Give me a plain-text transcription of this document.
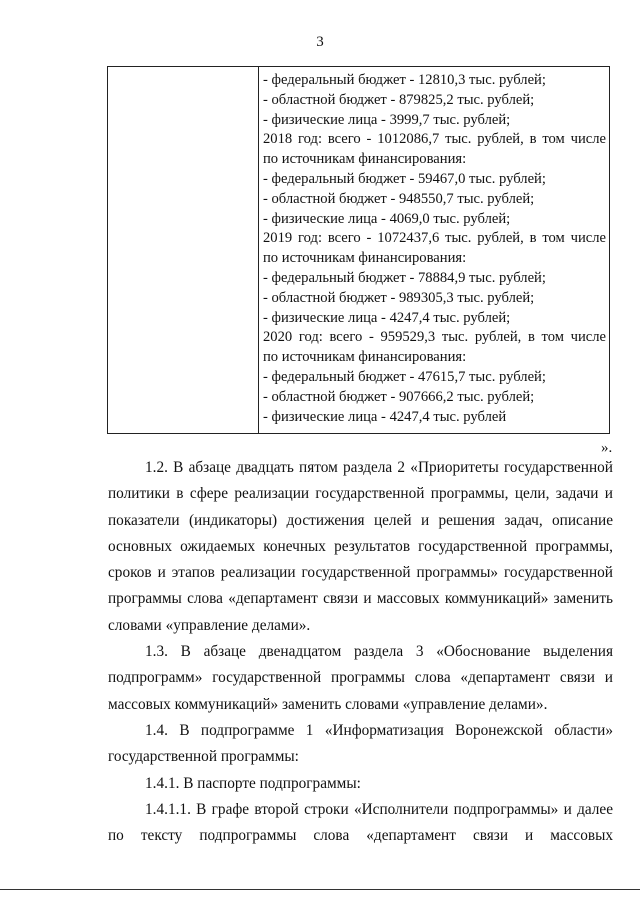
3

- федеральный бюджет - 12810,3 тыс. рублей;
- областной бюджет - 879825,2 тыс. рублей;
- физические лица - 3999,7 тыс. рублей;
2018 год: всего - 1012086,7 тыс. рублей, в том числе
по источникам финансирования:
- федеральный бюджет - 59467,0 тыс. рублей;
- областной бюджет - 948550,7 тыс. рублей;
- физические лица - 4069,0 тыс. рублей;
2019 год: всего - 1072437,6 тыс. рублей, в том числе
по источникам финансирования:
- федеральный бюджет - 78884,9 тыс. рублей;
- областной бюджет - 989305,3 тыс. рублей;
- физические лица - 4247,4 тыс. рублей;
2020 год: всего - 959529,3 тыс. рублей, в том числе
по источникам финансирования:
- федеральный бюджет - 47615,7 тыс. рублей;
- областной бюджет - 907666,2 тыс. рублей;
- физические лица - 4247,4 тыс. рублей
».

1.2. В абзаце двадцать пятом раздела 2 «Приоритеты государственной политики в сфере реализации государственной программы, цели, задачи и показатели (индикаторы) достижения целей и решения задач, описание основных ожидаемых конечных результатов государственной программы, сроков и этапов реализации государственной программы» государственной программы слова «департамент связи и массовых коммуникаций» заменить словами «управление делами».

1.3. В абзаце двенадцатом раздела 3 «Обоснование выделения подпрограмм» государственной программы слова «департамент связи и массовых коммуникаций» заменить словами «управление делами».

1.4. В подпрограмме 1 «Информатизация Воронежской области» государственной программы:

1.4.1. В паспорте подпрограммы:

1.4.1.1. В графе второй строки «Исполнители подпрограммы» и далее по тексту подпрограммы слова «департамент связи и массовых
